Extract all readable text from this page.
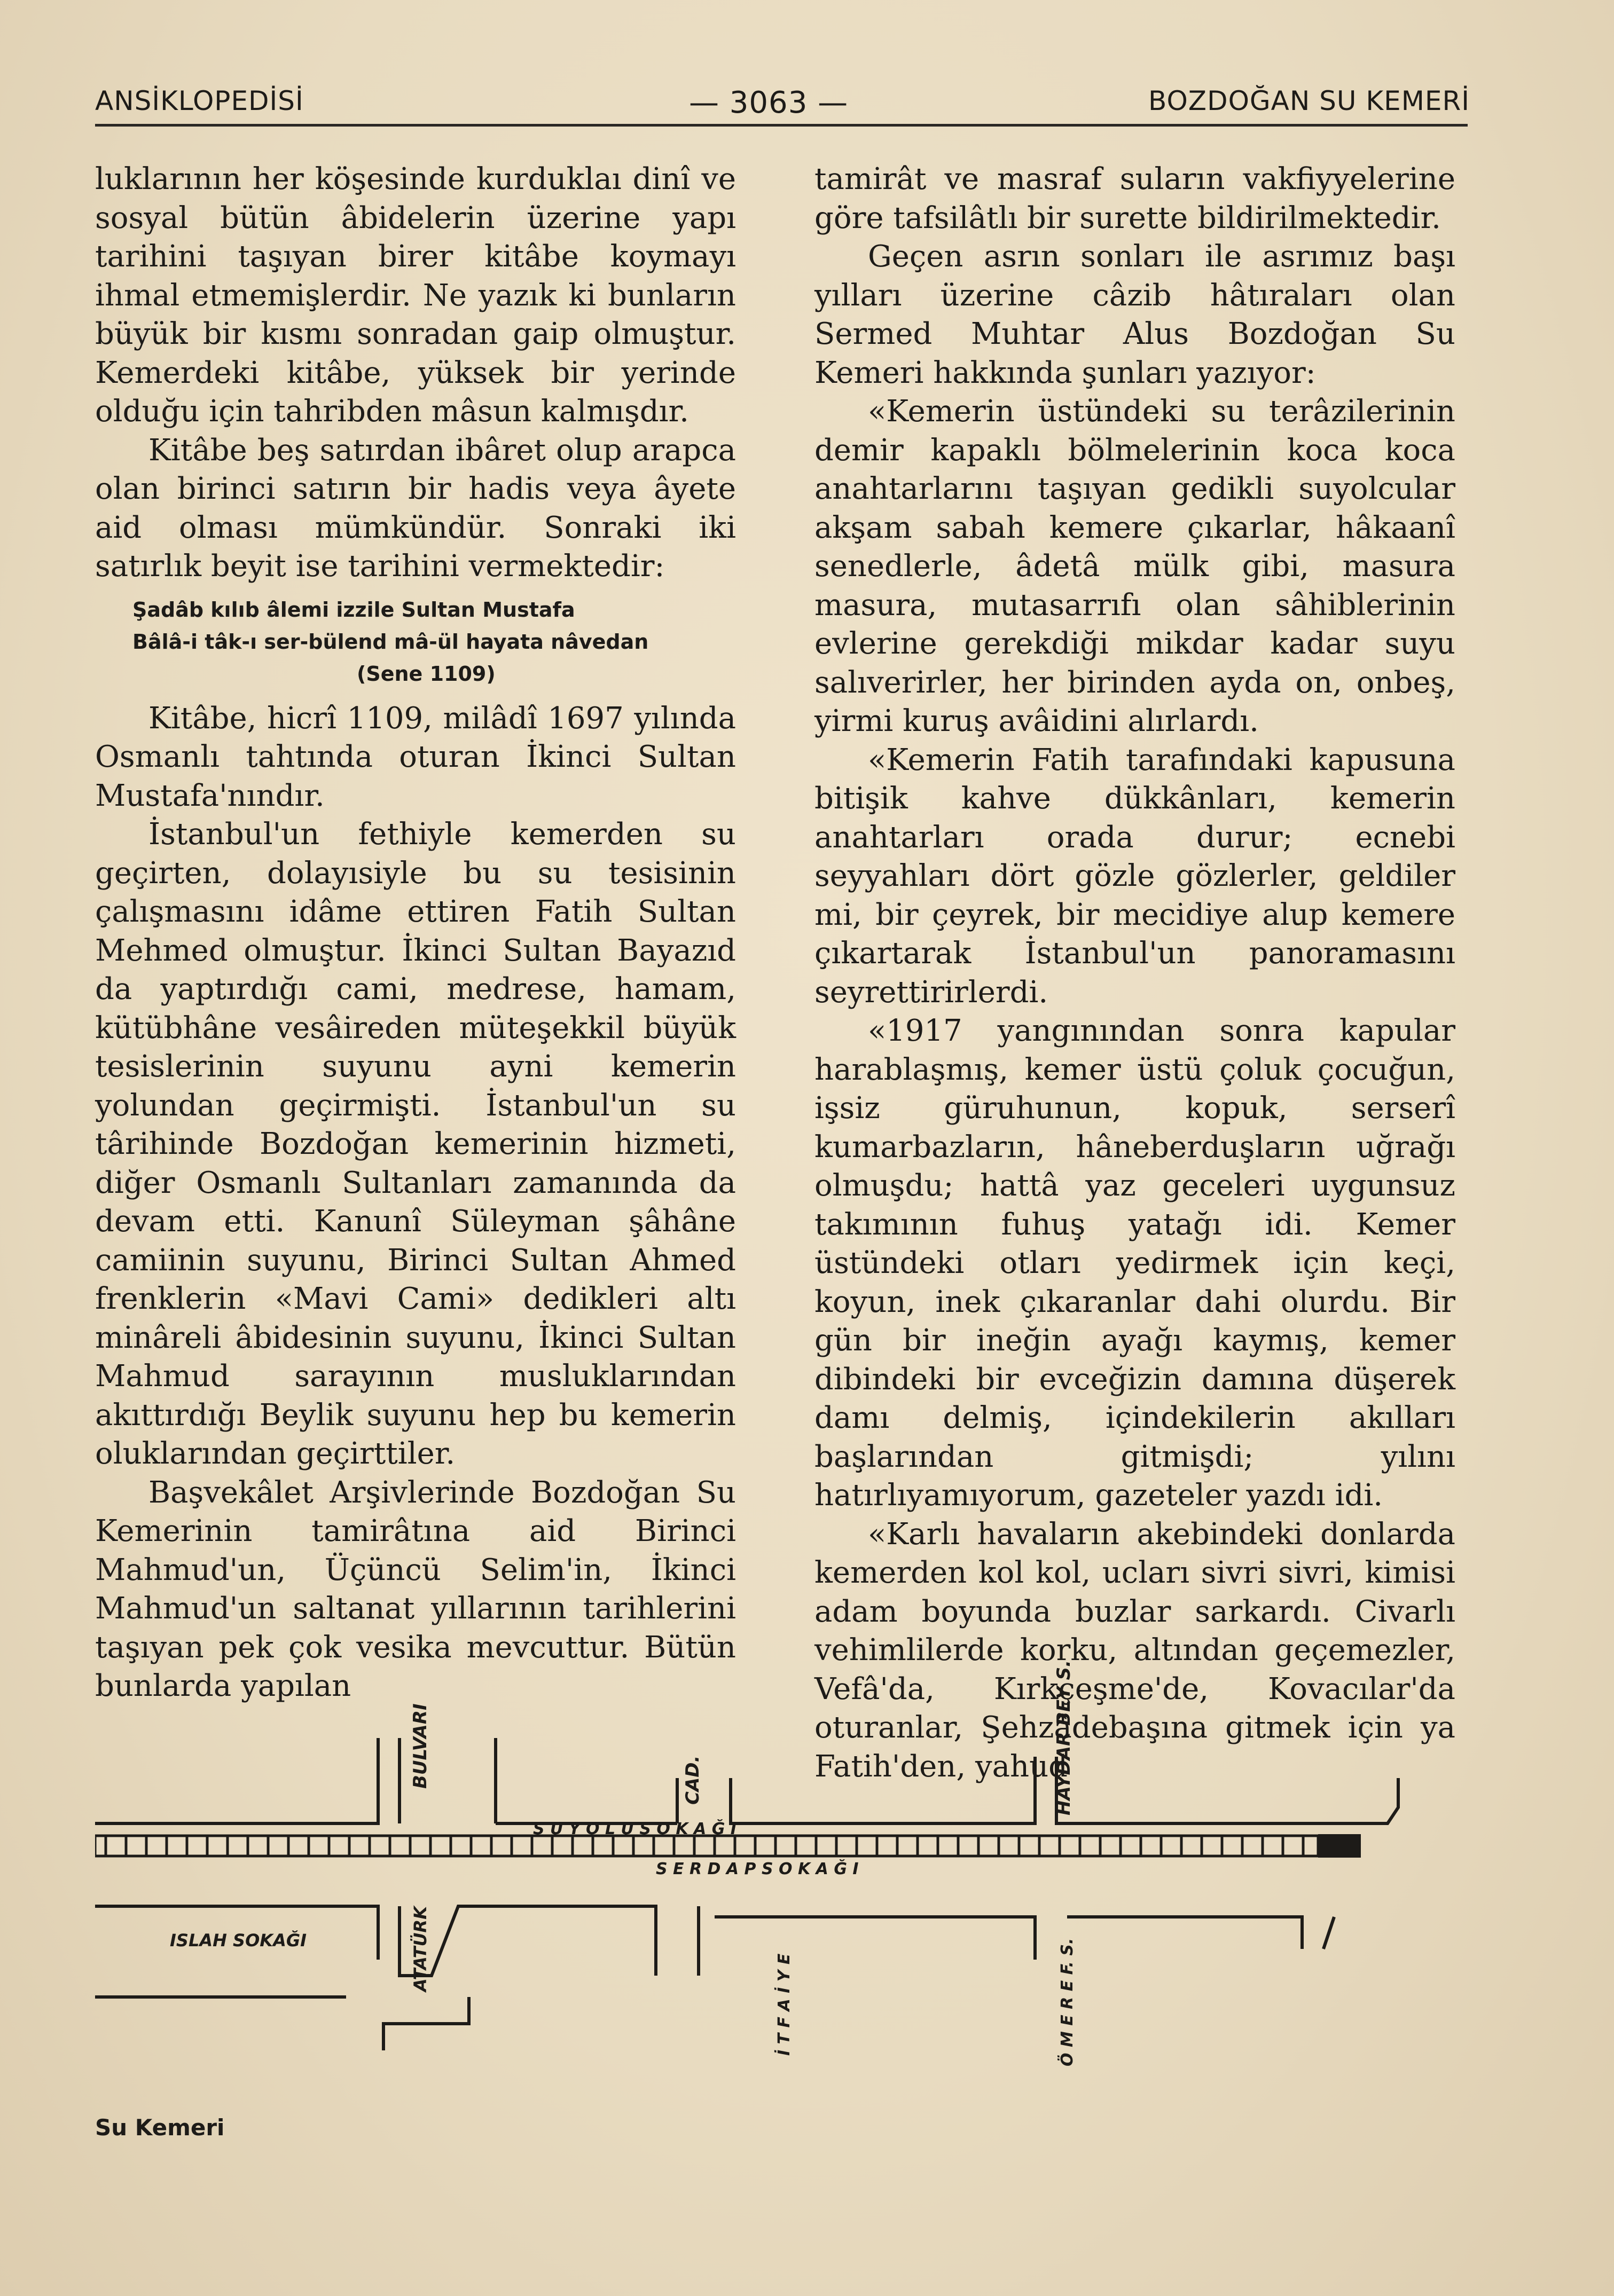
ANSİKLOPEDİSİ	— 3063 —	BOZDOĞAN SU KEMERİ

luklarının her köşesinde kurduklaı dinî ve sosyal bütün âbidelerin üzerine yapı tarihini taşıyan birer kitâbe koymayı ihmal etmemişlerdir. Ne yazık ki bunların büyük bir kısmı sonradan gaip olmuştur. Kemerdeki kitâbe, yüksek bir yerinde olduğu için tahribden mâsun kalmışdır.

Kitâbe beş satırdan ibâret olup arapca olan birinci satırın bir hadis veya âyete aid olması mümkündür. Sonraki iki satırlık beyit ise tarihini vermektedir:

Şadâb kılıb âlemi izzile Sultan Mustafa
Bâlâ-i tâk-ı ser-bülend mâ-ül hayata nâvedan
(Sene 1109)

Kitâbe, hicrî 1109, milâdî 1697 yılında Osmanlı tahtında oturan İkinci Sultan Mustafa'nındır.

İstanbul'un fethiyle kemerden su geçirten, dolayısiyle bu su tesisinin çalışmasını idâme ettiren Fatih Sultan Mehmed olmuştur. İkinci Sultan Bayazıd da yaptırdığı cami, medrese, hamam, kütübhâne vesâireden müteşekkil büyük tesislerinin suyunu ayni kemerin yolundan geçirmişti. İstanbul'un su târihinde Bozdoğan kemerinin hizmeti, diğer Osmanlı Sultanları zamanında da devam etti. Kanunî Süleyman şâhâne camiinin suyunu, Birinci Sultan Ahmed frenklerin «Mavi Cami» dedikleri altı minâreli âbidesinin suyunu, İkinci Sultan Mahmud sarayının musluklarından akıttırdığı Beylik suyunu hep bu kemerin oluklarından geçirttiler.

Başvekâlet Arşivlerinde Bozdoğan Su Kemerinin tamirâtına aid Birinci Mahmud'un, Üçüncü Selim'in, İkinci Mahmud'un saltanat yıllarının tarihlerini taşıyan pek çok vesika mevcuttur. Bütün bunlarda yapılan

tamirât ve masraf suların vakfiyyelerine göre tafsilâtlı bir surette bildirilmektedir.

Geçen asrın sonları ile asrımız başı yılları üzerine câzib hâtıraları olan Sermed Muhtar Alus Bozdoğan Su Kemeri hakkında şunları yazıyor:

«Kemerin üstündeki su terâzilerinin demir kapaklı bölmelerinin koca koca anahtarlarını taşıyan gedikli suyolcular akşam sabah kemere çıkarlar, hâkaanî senedlerle, âdetâ mülk gibi, masura masura, mutasarrıfı olan sâhiblerinin evlerine gerekdiği mikdar kadar suyu salıverirler, her birinden ayda on, onbeş, yirmi kuruş avâidini alırlardı.

«Kemerin Fatih tarafındaki kapusuna bitişik kahve dükkânları, kemerin anahtarları orada durur; ecnebi seyyahları dört gözle gözlerler, geldiler mi, bir çeyrek, bir mecidiye alup kemere çıkartarak İstanbul'un panoramasını seyrettirirlerdi.

«1917 yangınından sonra kapular harablaşmış, kemer üstü çoluk çocuğun, işsiz güruhunun, kopuk, serserî kumarbazların, hâneberduşların uğrağı olmuşdu; hattâ yaz geceleri uygunsuz takımının fuhuş yatağı idi. Kemer üstündeki otları yedirmek için keçi, koyun, inek çıkaranlar dahi olurdu. Bir gün bir ineğin ayağı kaymış, kemer dibindeki bir evceğizin damına düşerek damı delmiş, içindekilerin akılları başlarından gitmişdi; yılını hatırlıyamıyorum, gazeteler yazdı idi.

«Karlı havaların akebindeki donlarda kemerden kol kol, ucları sivri sivri, kimisi adam boyunda buzlar sarkardı. Civarlı vehimlilerde korku, altından geçemezler, Vefâ'da, Kırkçeşme'de, Kovacılar'da oturanlar, Şehzâdebaşına gitmek için ya Fatih'den, yahud

BULVARI	CAD.	HAYDAR BEY S.
S U Y O L U S O K A Ğ I
S E R D A P S O K A Ğ I
ISLAH SOKAĞI	ATATÜRK
İ T F A İ Y E	Ö M E R E F. S.
Su Kemeri
